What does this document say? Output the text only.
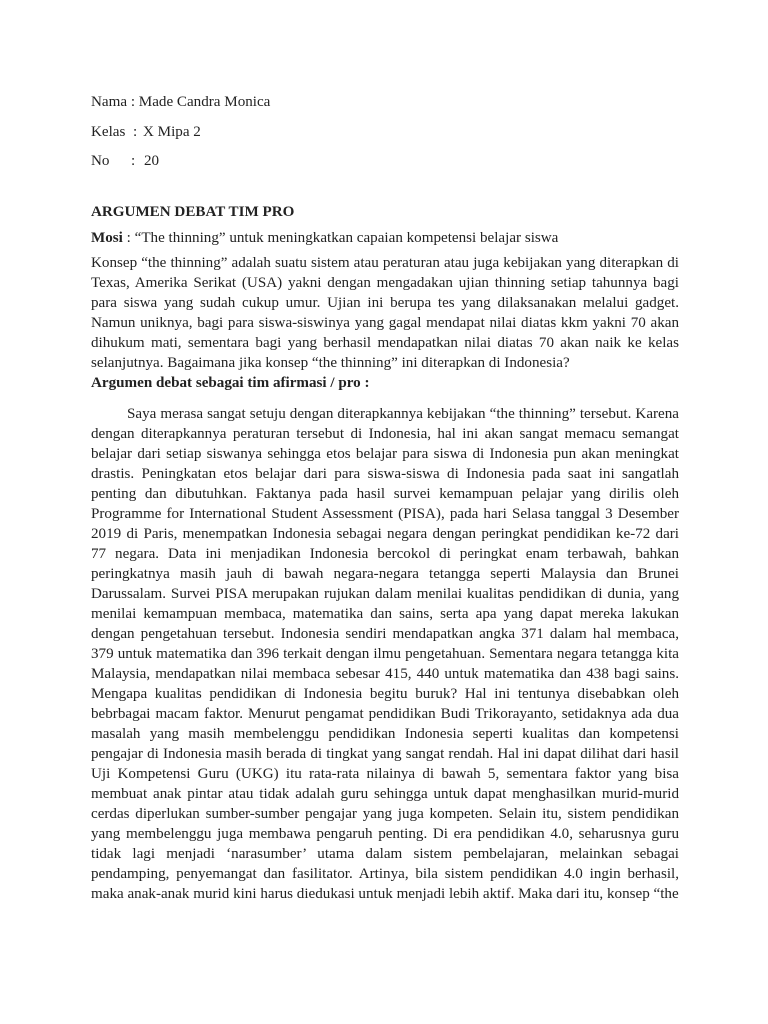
Nama : Made Candra Monica
Kelas : X Mipa 2
No	: 20
ARGUMEN DEBAT TIM PRO
Mosi : “The thinning” untuk meningkatkan capaian kompetensi belajar siswa

Konsep “the thinning” adalah suatu sistem atau peraturan atau juga kebijakan yang diterapkan di Texas, Amerika Serikat (USA) yakni dengan mengadakan ujian thinning setiap tahunnya bagi para siswa yang sudah cukup umur. Ujian ini berupa tes yang dilaksanakan melalui gadget. Namun uniknya, bagi para siswa-siswinya yang gagal mendapat nilai diatas kkm yakni 70 akan dihukum mati, sementara bagi yang berhasil mendapatkan nilai diatas 70 akan naik ke kelas selanjutnya. Bagaimana jika konsep “the thinning” ini diterapkan di Indonesia?

Argumen debat sebagai tim afirmasi / pro :

Saya merasa sangat setuju dengan diterapkannya kebijakan “the thinning” tersebut. Karena dengan diterapkannya peraturan tersebut di Indonesia, hal ini akan sangat memacu semangat belajar dari setiap siswanya sehingga etos belajar para siswa di Indonesia pun akan meningkat drastis. Peningkatan etos belajar dari para siswa-siswa di Indonesia pada saat ini sangatlah penting dan dibutuhkan. Faktanya pada hasil survei kemampuan pelajar yang dirilis oleh Programme for International Student Assessment (PISA), pada hari Selasa tanggal 3 Desember 2019 di Paris, menempatkan Indonesia sebagai negara dengan peringkat pendidikan ke-72 dari 77 negara. Data ini menjadikan Indonesia bercokol di peringkat enam terbawah, bahkan peringkatnya masih jauh di bawah negara-negara tetangga seperti Malaysia dan Brunei Darussalam. Survei PISA merupakan rujukan dalam menilai kualitas pendidikan di dunia, yang menilai kemampuan membaca, matematika dan sains, serta apa yang dapat mereka lakukan dengan pengetahuan tersebut. Indonesia sendiri mendapatkan angka 371 dalam hal membaca, 379 untuk matematika dan 396 terkait dengan ilmu pengetahuan. Sementara negara tetangga kita Malaysia, mendapatkan nilai membaca sebesar 415, 440 untuk matematika dan 438 bagi sains. Mengapa kualitas pendidikan di Indonesia begitu buruk? Hal ini tentunya disebabkan oleh bebrbagai macam faktor. Menurut pengamat pendidikan Budi Trikorayanto, setidaknya ada dua masalah yang masih membelenggu pendidikan Indonesia seperti kualitas dan kompetensi pengajar di Indonesia masih berada di tingkat yang sangat rendah. Hal ini dapat dilihat dari hasil Uji Kompetensi Guru (UKG) itu rata-rata nilainya di bawah 5, sementara faktor yang bisa membuat anak pintar atau tidak adalah guru sehingga untuk dapat menghasilkan murid-murid cerdas diperlukan sumber-sumber pengajar yang juga kompeten. Selain itu, sistem pendidikan yang membelenggu juga membawa pengaruh penting. Di era pendidikan 4.0, seharusnya guru tidak lagi menjadi ‘narasumber’ utama dalam sistem pembelajaran, melainkan sebagai pendamping, penyemangat dan fasilitator. Artinya, bila sistem pendidikan 4.0 ingin berhasil, maka anak-anak murid kini harus diedukasi untuk menjadi lebih aktif. Maka dari itu, konsep “the
